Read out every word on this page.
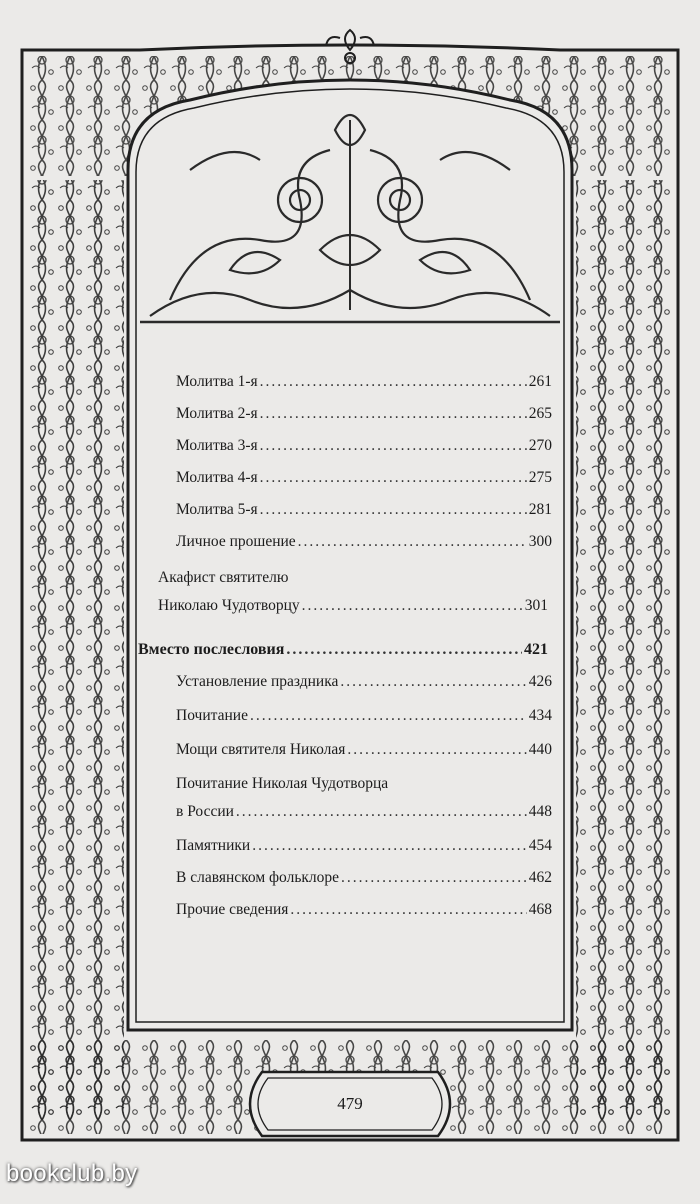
Молитва 1-я .....	261
Молитва 2-я .....	265
Молитва 3-я .....	270
Молитва 4-я .....	275
Молитва 5-я .....	281
Личное прошение .....	300
Акафист святителю
Николаю Чудотворцу .....	301
Вместо послесловия .....	421
Установление праздника .....	426
Почитание .....	434
Мощи святителя Николая .....	440
Почитание Николая Чудотворца
в России .....	448
Памятники .....	454
В славянском фольклоре .....	462
Прочие сведения .....	468
479
bookclub.by
